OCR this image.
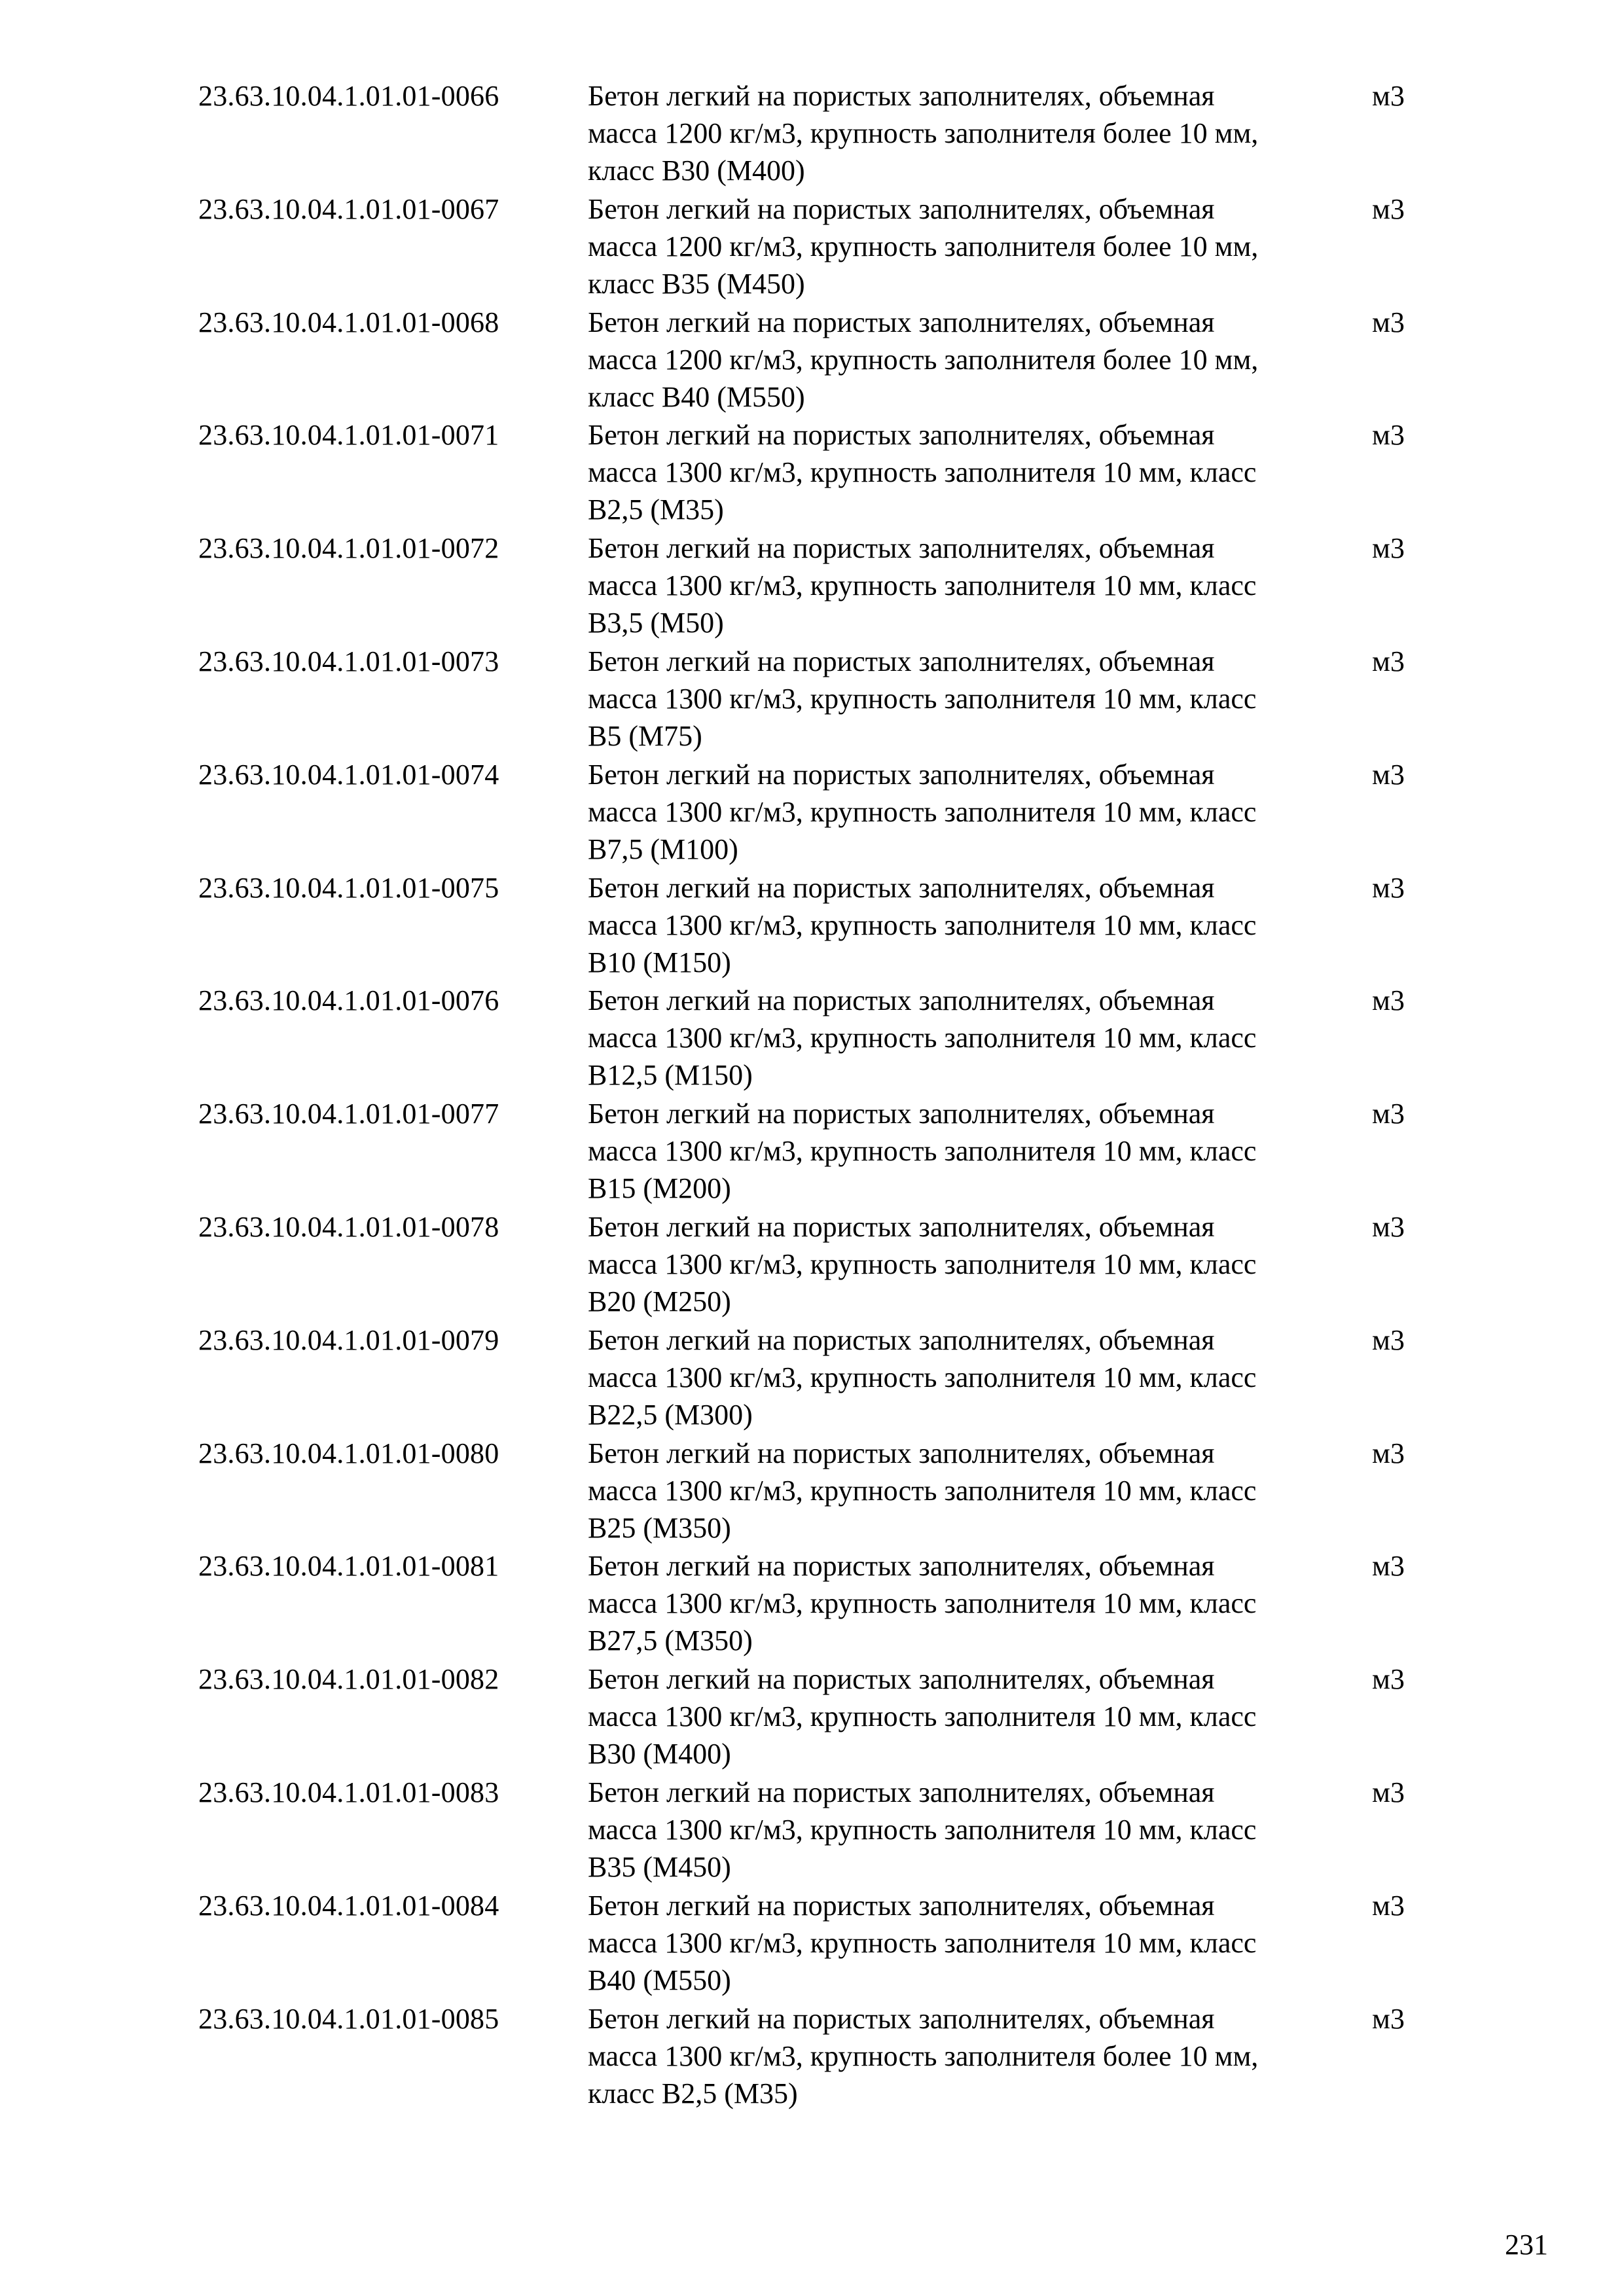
23.63.10.04.1.01.01-0066	Бетон легкий на пористых заполнителях, объемная
масса 1200 кг/м3, крупность заполнителя более 10 мм,
класс В30 (М400)
м3
23.63.10.04.1.01.01-0067	Бетон легкий на пористых заполнителях, объемная
масса 1200 кг/м3, крупность заполнителя более 10 мм,
класс В35 (М450)
м3
23.63.10.04.1.01.01-0068	Бетон легкий на пористых заполнителях, объемная
масса 1200 кг/м3, крупность заполнителя более 10 мм,
класс В40 (М550)
м3
23.63.10.04.1.01.01-0071	Бетон легкий на пористых заполнителях, объемная
масса 1300 кг/м3, крупность заполнителя 10 мм, класс
В2,5 (М35)
м3
23.63.10.04.1.01.01-0072	Бетон легкий на пористых заполнителях, объемная
масса 1300 кг/м3, крупность заполнителя 10 мм, класс
В3,5 (М50)
м3
23.63.10.04.1.01.01-0073	Бетон легкий на пористых заполнителях, объемная
масса 1300 кг/м3, крупность заполнителя 10 мм, класс
В5 (М75)
м3
23.63.10.04.1.01.01-0074	Бетон легкий на пористых заполнителях, объемная
масса 1300 кг/м3, крупность заполнителя 10 мм, класс
В7,5 (М100)
м3
23.63.10.04.1.01.01-0075	Бетон легкий на пористых заполнителях, объемная
масса 1300 кг/м3, крупность заполнителя 10 мм, класс
В10 (М150)
м3
23.63.10.04.1.01.01-0076	Бетон легкий на пористых заполнителях, объемная
масса 1300 кг/м3, крупность заполнителя 10 мм, класс
В12,5 (М150)
м3
23.63.10.04.1.01.01-0077	Бетон легкий на пористых заполнителях, объемная
масса 1300 кг/м3, крупность заполнителя 10 мм, класс
В15 (М200)
м3
23.63.10.04.1.01.01-0078	Бетон легкий на пористых заполнителях, объемная
масса 1300 кг/м3, крупность заполнителя 10 мм, класс
В20 (М250)
м3
23.63.10.04.1.01.01-0079	Бетон легкий на пористых заполнителях, объемная
масса 1300 кг/м3, крупность заполнителя 10 мм, класс
В22,5 (М300)
м3
23.63.10.04.1.01.01-0080	Бетон легкий на пористых заполнителях, объемная
масса 1300 кг/м3, крупность заполнителя 10 мм, класс
В25 (М350)
м3
23.63.10.04.1.01.01-0081	Бетон легкий на пористых заполнителях, объемная
масса 1300 кг/м3, крупность заполнителя 10 мм, класс
В27,5 (М350)
м3
23.63.10.04.1.01.01-0082	Бетон легкий на пористых заполнителях, объемная
масса 1300 кг/м3, крупность заполнителя 10 мм, класс
В30 (М400)
м3
23.63.10.04.1.01.01-0083	Бетон легкий на пористых заполнителях, объемная
масса 1300 кг/м3, крупность заполнителя 10 мм, класс
В35 (М450)
м3
23.63.10.04.1.01.01-0084	Бетон легкий на пористых заполнителях, объемная
масса 1300 кг/м3, крупность заполнителя 10 мм, класс
В40 (М550)
м3
23.63.10.04.1.01.01-0085	Бетон легкий на пористых заполнителях, объемная
масса 1300 кг/м3, крупность заполнителя более 10 мм,
класс В2,5 (М35)
м3
231
